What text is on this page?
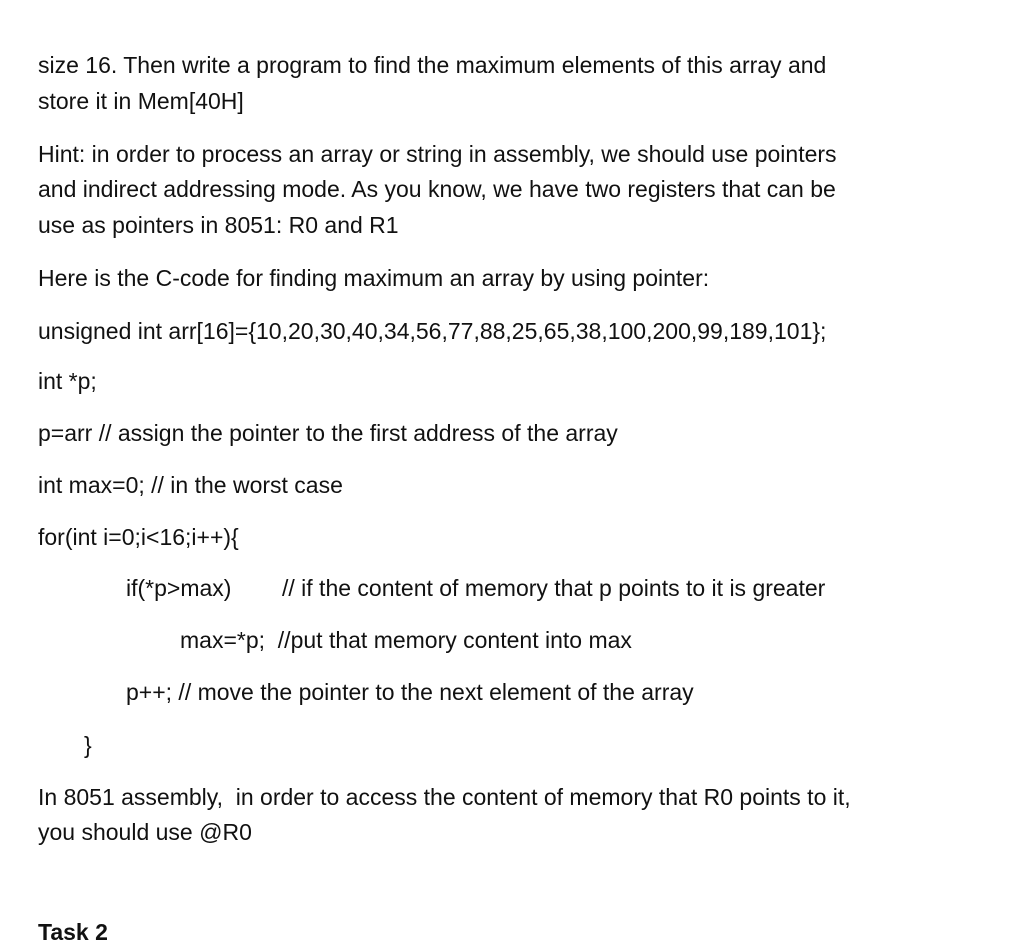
size 16. Then write a program to find the maximum elements of this array and
store it in Mem[40H]
Hint: in order to process an array or string in assembly, we should use pointers
and indirect addressing mode. As you know, we have two registers that can be
use as pointers in 8051: R0 and R1
Here is the C-code for finding maximum an array by using pointer:
unsigned int arr[16]={10,20,30,40,34,56,77,88,25,65,38,100,200,99,189,101};
int *p;
p=arr // assign the pointer to the first address of the array
int max=0; // in the worst case
for(int i=0;i<16;i++){
if(*p>max) // if the content of memory that p points to it is greater
max=*p;  //put that memory content into max
p++; // move the pointer to the next element of the array
}
In 8051 assembly,  in order to access the content of memory that R0 points to it,
you should use @R0
Task 2
